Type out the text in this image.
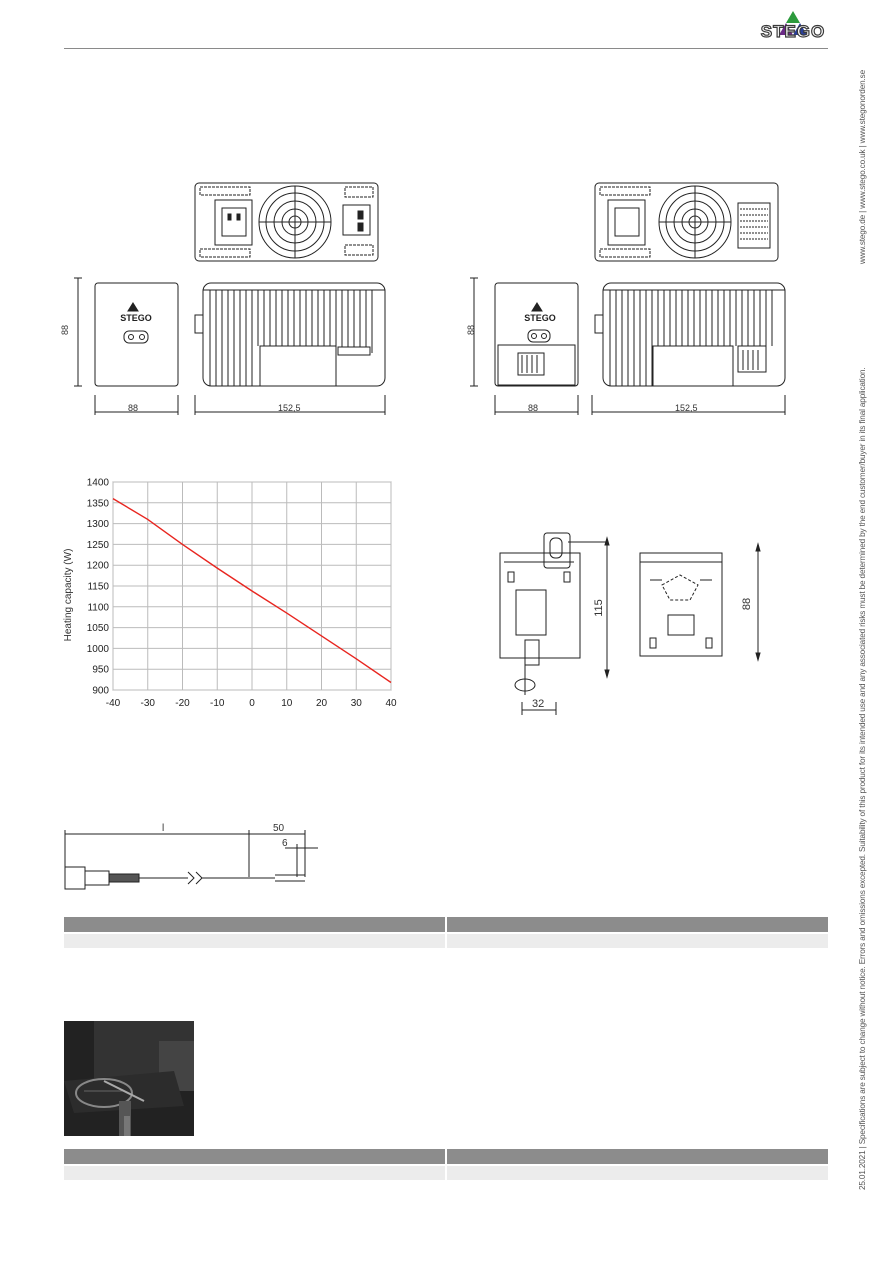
STEGO
25.01.2021 | Specifications are subject to change without notice. Errors and omissions excepted. Suitability of this product for its intended use and any associated risks must be determined by the end customer/buyer in its final application.
www.stego.de | www.stego.co.uk | www.stegonorden.se
STEGO
88
88	152,5
STEGO
88
88	152,5
-40 -30 -20 -10 0	10 20 30 40
1400
1350
1300
1250
1200
1150
1100
1050
1000
950
900
Heating capacity (W)	115
32
88
l	50
6
